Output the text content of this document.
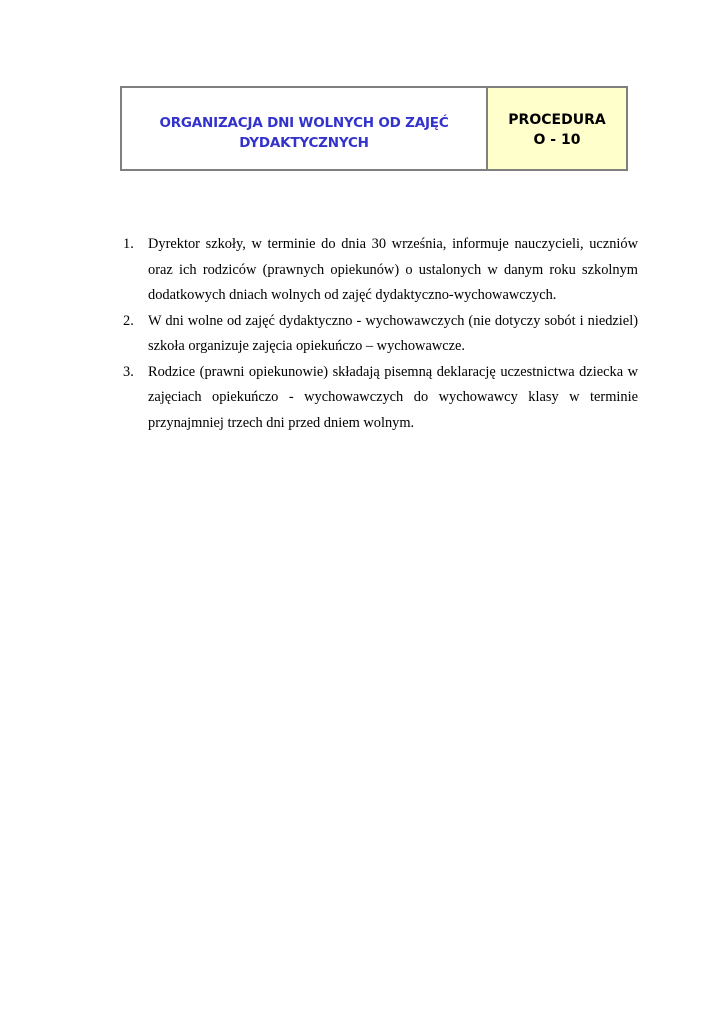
ORGANIZACJA DNI WOLNYCH OD ZAJĘĆ
DYDAKTYCZNYCH
PROCEDURA
O - 10
1. Dyrektor szkoły, w terminie do dnia 30 września, informuje nauczycieli, uczniów oraz ich rodziców (prawnych opiekunów) o ustalonych w danym roku szkolnym dodatkowych dniach wolnych od zajęć dydaktyczno-wychowawczych.
2. W dni wolne od zajęć dydaktyczno - wychowawczych (nie dotyczy sobót i niedziel) szkoła organizuje zajęcia opiekuńczo – wychowawcze.
3. Rodzice (prawni opiekunowie) składają pisemną deklarację uczestnictwa dziecka w zajęciach opiekuńczo - wychowawczych do wychowawcy klasy w terminie przynajmniej trzech dni przed dniem wolnym.
